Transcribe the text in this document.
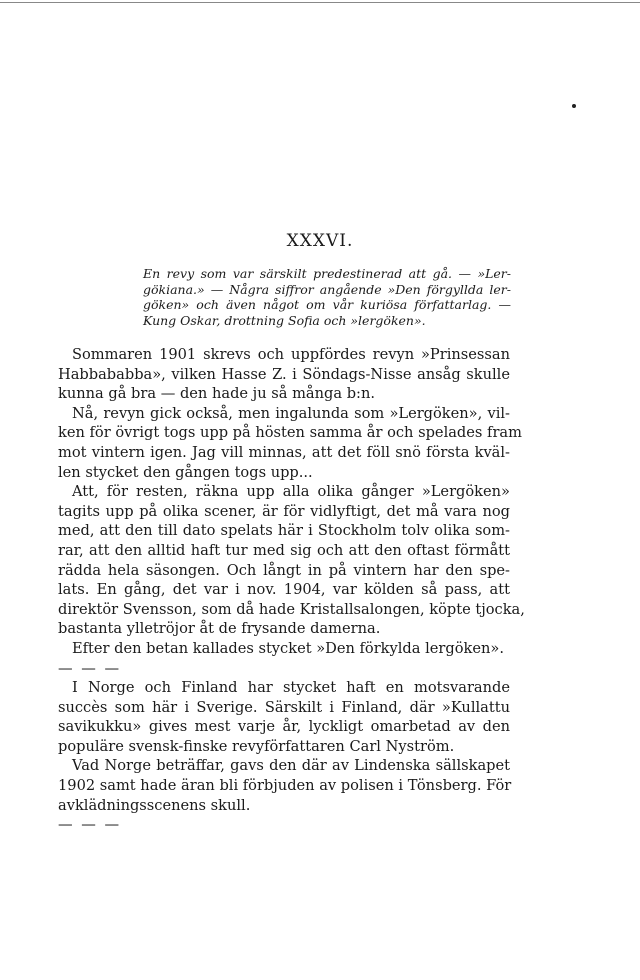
XXXVI.
En revy som var särskilt predestinerad att gå. — »Ler-
gökiana.» — Några siffror angående »Den förgyllda ler-
göken» och även något om vår kuriösa författarlag. —
Kung Oskar, drottning Sofia och »lergöken».
Sommaren 1901 skrevs och uppfördes revyn »Prinsessan
Habbababba», vilken Hasse Z. i Söndags-Nisse ansåg skulle
kunna gå bra — den hade ju så många b:n.
Nå, revyn gick också, men ingalunda som »Lergöken», vil-
ken för övrigt togs upp på hösten samma år och spelades fram
mot vintern igen. Jag vill minnas, att det föll snö första kväl-
len stycket den gången togs upp...
Att, för resten, räkna upp alla olika gånger »Lergöken»
tagits upp på olika scener, är för vidlyftigt, det må vara nog
med, att den till dato spelats här i Stockholm tolv olika som-
rar, att den alltid haft tur med sig och att den oftast förmått
rädda hela säsongen. Och långt in på vintern har den spe-
lats. En gång, det var i nov. 1904, var kölden så pass, att
direktör Svensson, som då hade Kristallsalongen, köpte tjocka,
bastanta ylletröjor åt de frysande damerna.
Efter den betan kallades stycket »Den förkylda lergöken».
— — —
I Norge och Finland har stycket haft en motsvarande
succès som här i Sverige. Särskilt i Finland, där »Kullattu
savikukku» gives mest varje år, lyckligt omarbetad av den
populäre svensk-finske revyförfattaren Carl Nyström.
Vad Norge beträffar, gavs den där av Lindenska sällskapet
1902 samt hade äran bli förbjuden av polisen i Tönsberg. För
avklädningsscenens skull.
— — —
